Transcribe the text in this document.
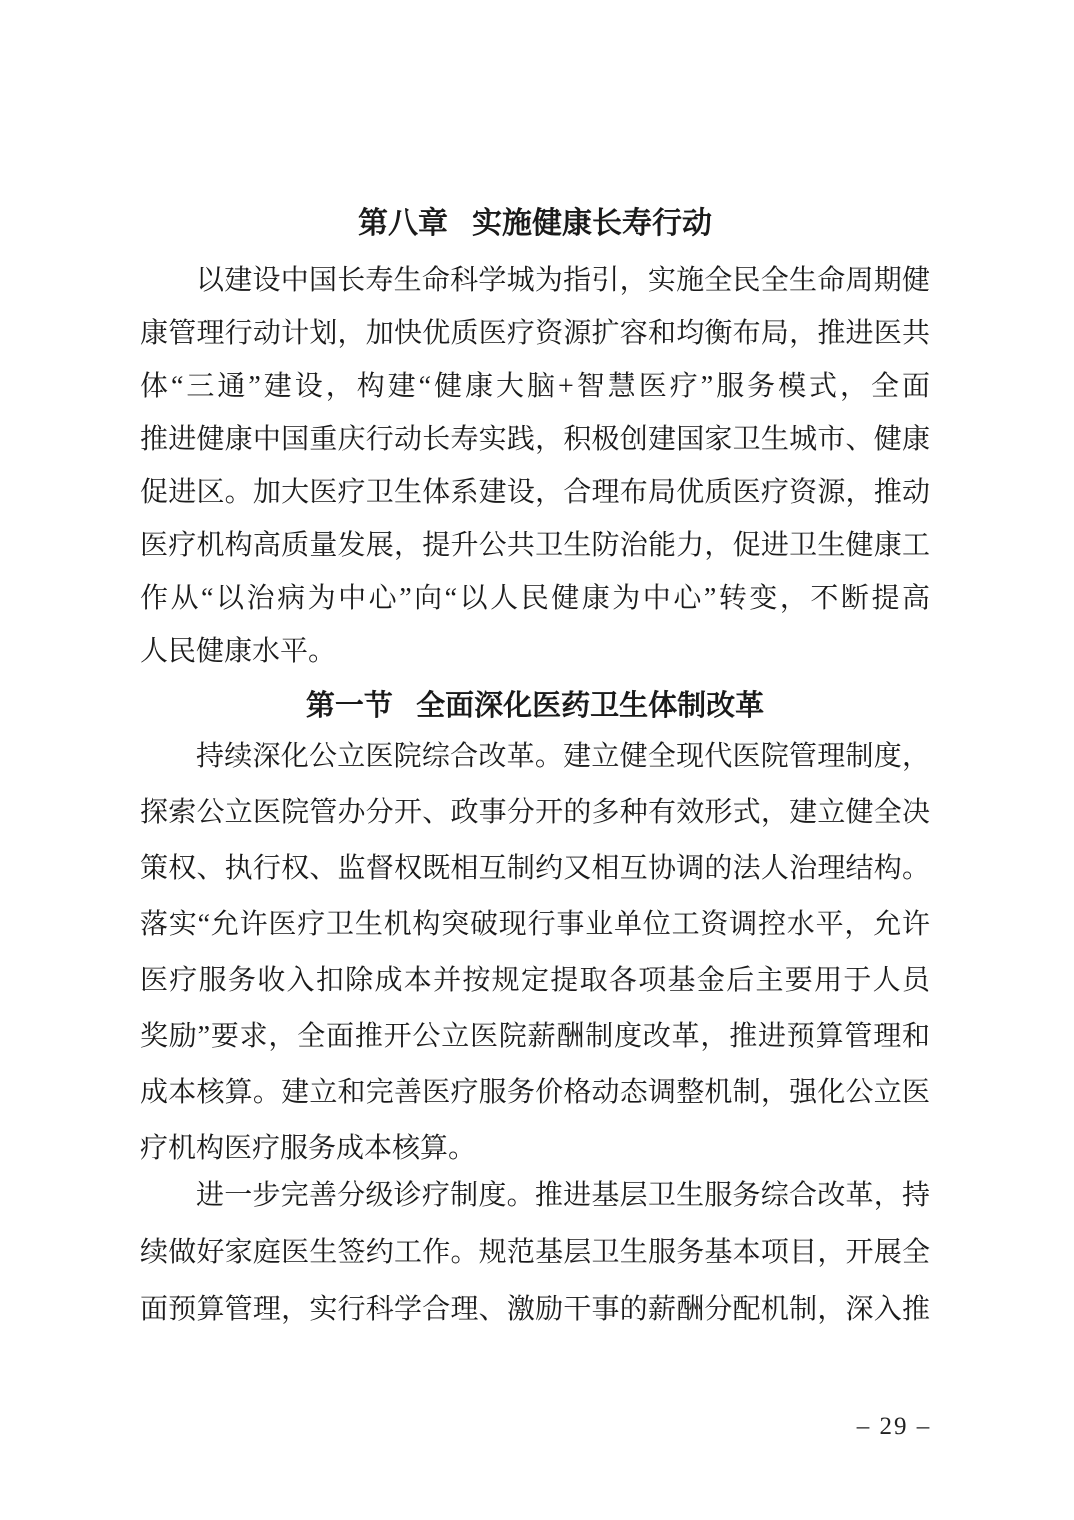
第八章 实施健康长寿行动
以建设中国长寿生命科学城为指引，实施全民全生命周期健
康管理行动计划，加快优质医疗资源扩容和均衡布局，推进医共
体“三通”建设，构建“健康大脑+智慧医疗”服务模式，全面
推进健康中国重庆行动长寿实践，积极创建国家卫生城市、健康
促进区。加大医疗卫生体系建设，合理布局优质医疗资源，推动
医疗机构高质量发展，提升公共卫生防治能力，促进卫生健康工
作从“以治病为中心”向“以人民健康为中心”转变，不断提高
人民健康水平。
持续深化公立医院综合改革。建立健全现代医院管理制度，
探索公立医院管办分开、政事分开的多种有效形式，建立健全决
策权、执行权、监督权既相互制约又相互协调的法人治理结构。
落实“允许医疗卫生机构突破现行事业单位工资调控水平，允许
医疗服务收入扣除成本并按规定提取各项基金后主要用于人员
奖励”要求，全面推开公立医院薪酬制度改革，推进预算管理和
成本核算。建立和完善医疗服务价格动态调整机制，强化公立医
疗机构医疗服务成本核算。
进一步完善分级诊疗制度。推进基层卫生服务综合改革，持
续做好家庭医生签约工作。规范基层卫生服务基本项目，开展全
面预算管理，实行科学合理、激励干事的薪酬分配机制，深入推
第一节 全面深化医药卫生体制改革
– 29 –
